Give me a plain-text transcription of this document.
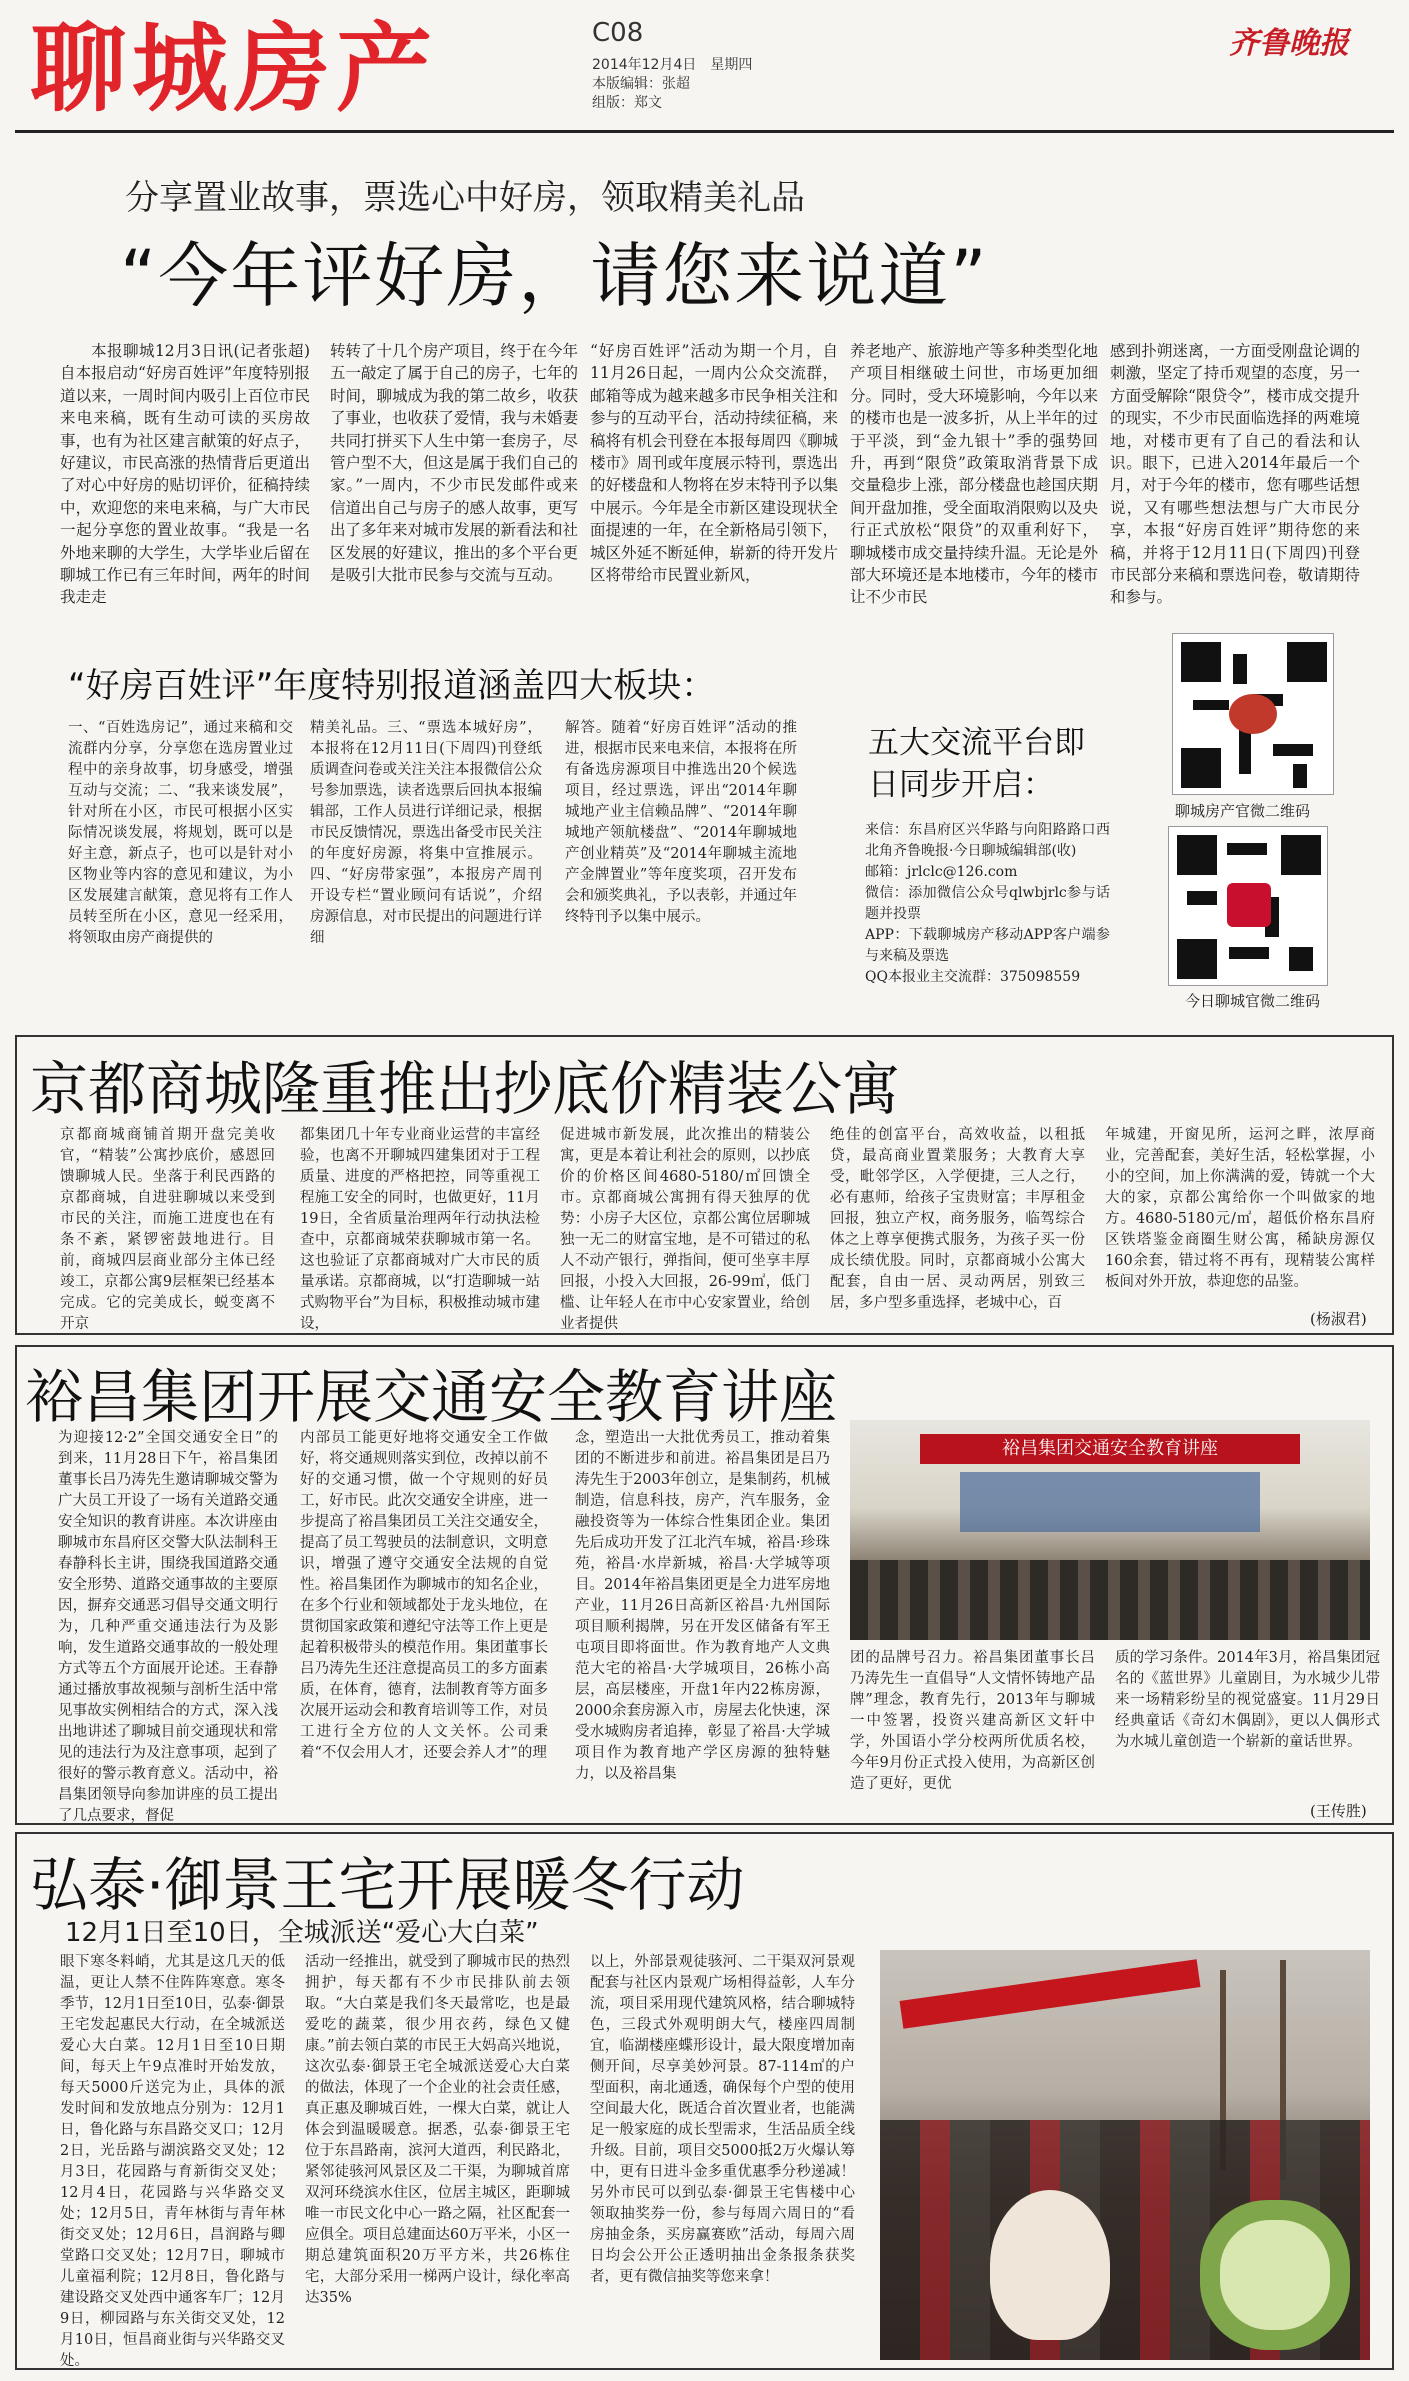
聊城房产	C08
2014年12月4日　星期四
本版编辑：张超
组版：郑文
齐鲁晚报
分享置业故事，票选心中好房，领取精美礼品
“今年评好房，请您来说道”
本报聊城12月3日讯(记者张超)　自本报启动“好房百姓评”年度特别报道以来，一周时间内吸引上百位市民来电来稿，既有生动可读的买房故事，也有为社区建言献策的好点子，好建议，市民高涨的热情背后更道出了对心中好房的贴切评价，征稿持续中，欢迎您的来电来稿，与广大市民一起分享您的置业故事。“我是一名外地来聊的大学生，大学毕业后留在聊城工作已有三年时间，两年的时间我走走
转转了十几个房产项目，终于在今年五一敲定了属于自己的房子，七年的时间，聊城成为我的第二故乡，收获了事业，也收获了爱情，我与未婚妻共同打拼买下人生中第一套房子，尽管户型不大，但这是属于我们自己的家。”一周内，不少市民发邮件或来信道出自己与房子的感人故事，更写出了多年来对城市发展的新看法和社区发展的好建议，推出的多个平台更是吸引大批市民参与交流与互动。
“好房百姓评”活动为期一个月，自11月26日起，一周内公众交流群，邮箱等成为越来越多市民争相关注和参与的互动平台，活动持续征稿，来稿将有机会刊登在本报每周四《聊城楼市》周刊或年度展示特刊，票选出的好楼盘和人物将在岁末特刊予以集中展示。今年是全市新区建设现状全面提速的一年，在全新格局引领下，城区外延不断延伸，崭新的待开发片区将带给市民置业新风，
养老地产、旅游地产等多种类型化地产项目相继破土问世，市场更加细分。同时，受大环境影响，今年以来的楼市也是一波多折，从上半年的过于平淡，到“金九银十”季的强势回升，再到“限贷”政策取消背景下成交量稳步上涨，部分楼盘也趁国庆期间开盘加推，受全面取消限购以及央行正式放松“限贷”的双重利好下，聊城楼市成交量持续升温。无论是外部大环境还是本地楼市，今年的楼市让不少市民
感到扑朔迷离，一方面受刚盘论调的刺激，坚定了持币观望的态度，另一方面受解除“限贷令”，楼市成交提升的现实，不少市民面临选择的两难境地，对楼市更有了自己的看法和认识。眼下，已进入2014年最后一个月，对于今年的楼市，您有哪些话想说，又有哪些想法想与广大市民分享，本报“好房百姓评”期待您的来稿，并将于12月11日(下周四)刊登市民部分来稿和票选问卷，敬请期待和参与。
“好房百姓评”年度特别报道涵盖四大板块：
一、“百姓选房记”，通过来稿和交流群内分享，分享您在选房置业过程中的亲身故事，切身感受，增强互动与交流；二、“我来谈发展”，针对所在小区，市民可根据小区实际情况谈发展，将规划，既可以是好主意，新点子，也可以是针对小区物业等内容的意见和建议，为小区发展建言献策，意见将有工作人员转至所在小区，意见一经采用，将领取由房产商提供的
精美礼品。三、“票选本城好房”，本报将在12月11日(下周四)刊登纸质调查问卷或关注关注本报微信公众号参加票选，读者选票后回执本报编辑部，工作人员进行详细记录，根据市民反馈情况，票选出备受市民关注的年度好房源，将集中宣推展示。四、“好房带家强”，本报房产周刊开设专栏“置业顾问有话说”，介绍房源信息，对市民提出的问题进行详细
解答。随着“好房百姓评”活动的推进，根据市民来电来信，本报将在所有备选房源项目中推选出20个候选项目，经过票选，评出“2014年聊城地产业主信赖品牌”、“2014年聊城地产领航楼盘”、“2014年聊城地产创业精英”及“2014年聊城主流地产金牌置业”等年度奖项，召开发布会和颁奖典礼，予以表彰，并通过年终特刊予以集中展示。
五大交流平台即日同步开启：
来信：东昌府区兴华路与向阳路路口西北角齐鲁晚报·今日聊城编辑部(收)
邮箱：jrlclc@126.com
微信：添加微信公众号qlwbjrlc参与话题并投票
APP：下载聊城房产移动APP客户端参与来稿及票选
QQ本报业主交流群：375098559
聊城房产官微二维码
今日聊城官微二维码
京都商城隆重推出抄底价精装公寓
京都商城商铺首期开盘完美收官，“精装”公寓抄底价，感恩回馈聊城人民。坐落于利民西路的京都商城，自进驻聊城以来受到市民的关注，而施工进度也在有条不紊，紧锣密鼓地进行。目前，商城四层商业部分主体已经竣工，京都公寓9层框架已经基本完成。它的完美成长，蜕变离不开京
都集团几十年专业商业运营的丰富经验，也离不开聊城四建集团对于工程质量、进度的严格把控，同等重视工程施工安全的同时，也做更好，11月19日，全省质量治理两年行动执法检查中，京都商城荣获聊城市第一名。这也验证了京都商城对广大市民的质量承诺。京都商城，以“打造聊城一站式购物平台”为目标，积极推动城市建设，
促进城市新发展，此次推出的精装公寓，更是本着让利社会的原则，以抄底价的价格区间4680-5180/㎡回馈全市。京都商城公寓拥有得天独厚的优势：小房子大区位，京都公寓位居聊城独一无二的财富宝地，是不可错过的私人不动产银行，弹指间，便可坐享丰厚回报，小投入大回报，26-99㎡，低门槛、让年轻人在市中心安家置业，给创业者提供
绝佳的创富平台，高效收益，以租抵贷，最高商业置業服务；大教育大享受，毗邻学区，入学便捷，三人之行，必有惠师，给孩子宝贵财富；丰厚租金回报，独立产权，商务服务，临驾综合体之上尊享便携式服务，为孩子买一份成长绩优股。同时，京都商城小公寓大配套，自由一居、灵动两居，别致三居，多户型多重选择，老城中心，百
年城建，开窗见所，运河之畔，浓厚商业，完善配套，美好生活，轻松掌握，小小的空间，加上你满满的爱，铸就一个大大的家，京都公寓给你一个叫做家的地方。4680-5180元/㎡，超低价格东昌府区铁塔鉴金商圈生财公寓，稀缺房源仅160余套，错过将不再有，现精装公寓样板间对外开放，恭迎您的品鉴。
(杨淑君)
裕昌集团开展交通安全教育讲座
为迎接12·2”全国交通安全日”的到来，11月28日下午，裕昌集团董事长吕乃涛先生邀请聊城交警为广大员工开设了一场有关道路交通安全知识的教育讲座。本次讲座由聊城市东昌府区交警大队法制科王春静科长主讲，围绕我国道路交通安全形势、道路交通事故的主要原因，摒弃交通恶习倡导交通文明行为，几种严重交通违法行为及影响，发生道路交通事故的一般处理方式等五个方面展开论述。王春静通过播放事故视频与剖析生活中常见事故实例相结合的方式，深入浅出地讲述了聊城目前交通现状和常见的违法行为及注意事项，起到了很好的警示教育意义。活动中，裕昌集团领导向参加讲座的员工提出了几点要求，督促
内部员工能更好地将交通安全工作做好，将交通规则落实到位，改掉以前不好的交通习惯，做一个守规则的好员工，好市民。此次交通安全讲座，进一步提高了裕昌集团员工关注交通安全，提高了员工驾驶员的法制意识，文明意识，增强了遵守交通安全法规的自觉性。裕昌集团作为聊城市的知名企业，在多个行业和领域都处于龙头地位，在贯彻国家政策和遵纪守法等工作上更是起着积极带头的模范作用。集团董事长吕乃涛先生还注意提高员工的多方面素质，在体育，德育，法制教育等方面多次展开运动会和教育培训等工作，对员工进行全方位的人文关怀。公司秉着“不仅会用人才，还要会养人才”的理
念，塑造出一大批优秀员工，推动着集团的不断进步和前进。裕昌集团是吕乃涛先生于2003年创立，是集制药，机械制造，信息科技，房产，汽车服务，金融投资等为一体综合性集团企业。集团先后成功开发了江北汽车城，裕昌·珍珠苑，裕昌·水岸新城，裕昌·大学城等项目。2014年裕昌集团更是全力进军房地产业，11月26日高新区裕昌·九州国际项目顺利揭牌，另在开发区储备有军王屯项目即将面世。作为教育地产人文典范大宅的裕昌·大学城项目，26栋小高层，高层楼座，开盘1年内22栋房源，2000余套房源入市，房屋去化快速，深受水城购房者追捧，彰显了裕昌·大学城项目作为教育地产学区房源的独特魅力，以及裕昌集
裕昌集团交通安全教育讲座
团的品牌号召力。裕昌集团董事长吕乃涛先生一直倡导“人文情怀铸地产品牌”理念，教育先行，2013年与聊城一中签署，投资兴建高新区文轩中学，外国语小学分校两所优质名校，今年9月份正式投入使用，为高新区创造了更好，更优
质的学习条件。2014年3月，裕昌集团冠名的《蓝世界》儿童剧目，为水城少儿带来一场精彩纷呈的视觉盛宴。11月29日经典童话《奇幻木偶剧》，更以人偶形式为水城儿童创造一个崭新的童话世界。
(王传胜)
弘泰·御景王宅开展暖冬行动
12月1日至10日，全城派送“爱心大白菜”
眼下寒冬料峭，尤其是这几天的低温，更让人禁不住阵阵寒意。寒冬季节，12月1日至10日，弘泰·御景王宅发起惠民大行动，在全城派送爱心大白菜。12月1日至10日期间，每天上午9点准时开始发放，每天5000斤送完为止，具体的派发时间和发放地点分别为：12月1日，鲁化路与东昌路交叉口；12月2日，光岳路与湖滨路交叉处；12月3日，花园路与育新街交叉处；12月4日，花园路与兴华路交叉处；12月5日，青年林街与青年林街交叉处；12月6日，昌润路与卿堂路口交叉处；12月7日，聊城市儿童福利院；12月8日，鲁化路与建设路交叉处西中通客车厂；12月9日，柳园路与东关街交叉处，12月10日，恒昌商业街与兴华路交叉处。
活动一经推出，就受到了聊城市民的热烈拥护，每天都有不少市民排队前去领取。“大白菜是我们冬天最常吃，也是最爱吃的蔬菜，很少用衣药，绿色又健康。”前去领白菜的市民王大妈高兴地说，这次弘泰·御景王宅全城派送爱心大白菜的做法，体现了一个企业的社会责任感，真正惠及聊城百姓，一棵大白菜，就让人体会到温暖暖意。据悉，弘泰·御景王宅位于东昌路南，滨河大道西，利民路北，紧邻徒骇河风景区及二干渠，为聊城首席双河环绕滨水住区，位居主城区，距聊城唯一市民文化中心一路之隔，社区配套一应俱全。项目总建面达60万平米，小区一期总建筑面积20万平方米，共26栋住宅，大部分采用一梯两户设计，绿化率高达35%
以上，外部景观徒骇河、二干渠双河景观配套与社区内景观广场相得益彰，人车分流，项目采用现代建筑风格，结合聊城特色，三段式外观明朗大气，楼座四周制宜，临湖楼座蝶形设计，最大限度增加南侧开间，尽享美妙河景。87-114㎡的户型面积，南北通透，确保每个户型的使用空间最大化，既适合首次置业者，也能满足一般家庭的成长型需求，生活品质全线升级。目前，项目交5000抵2万火爆认筹中，更有日进斗金多重优惠季分秒递减！另外市民可以到弘泰·御景王宅售楼中心领取抽奖券一份，参与每周六周日的“看房抽金条，买房赢赛欧”活动，每周六周日均会公开公正透明抽出金条报条获奖者，更有微信抽奖等您来拿！
